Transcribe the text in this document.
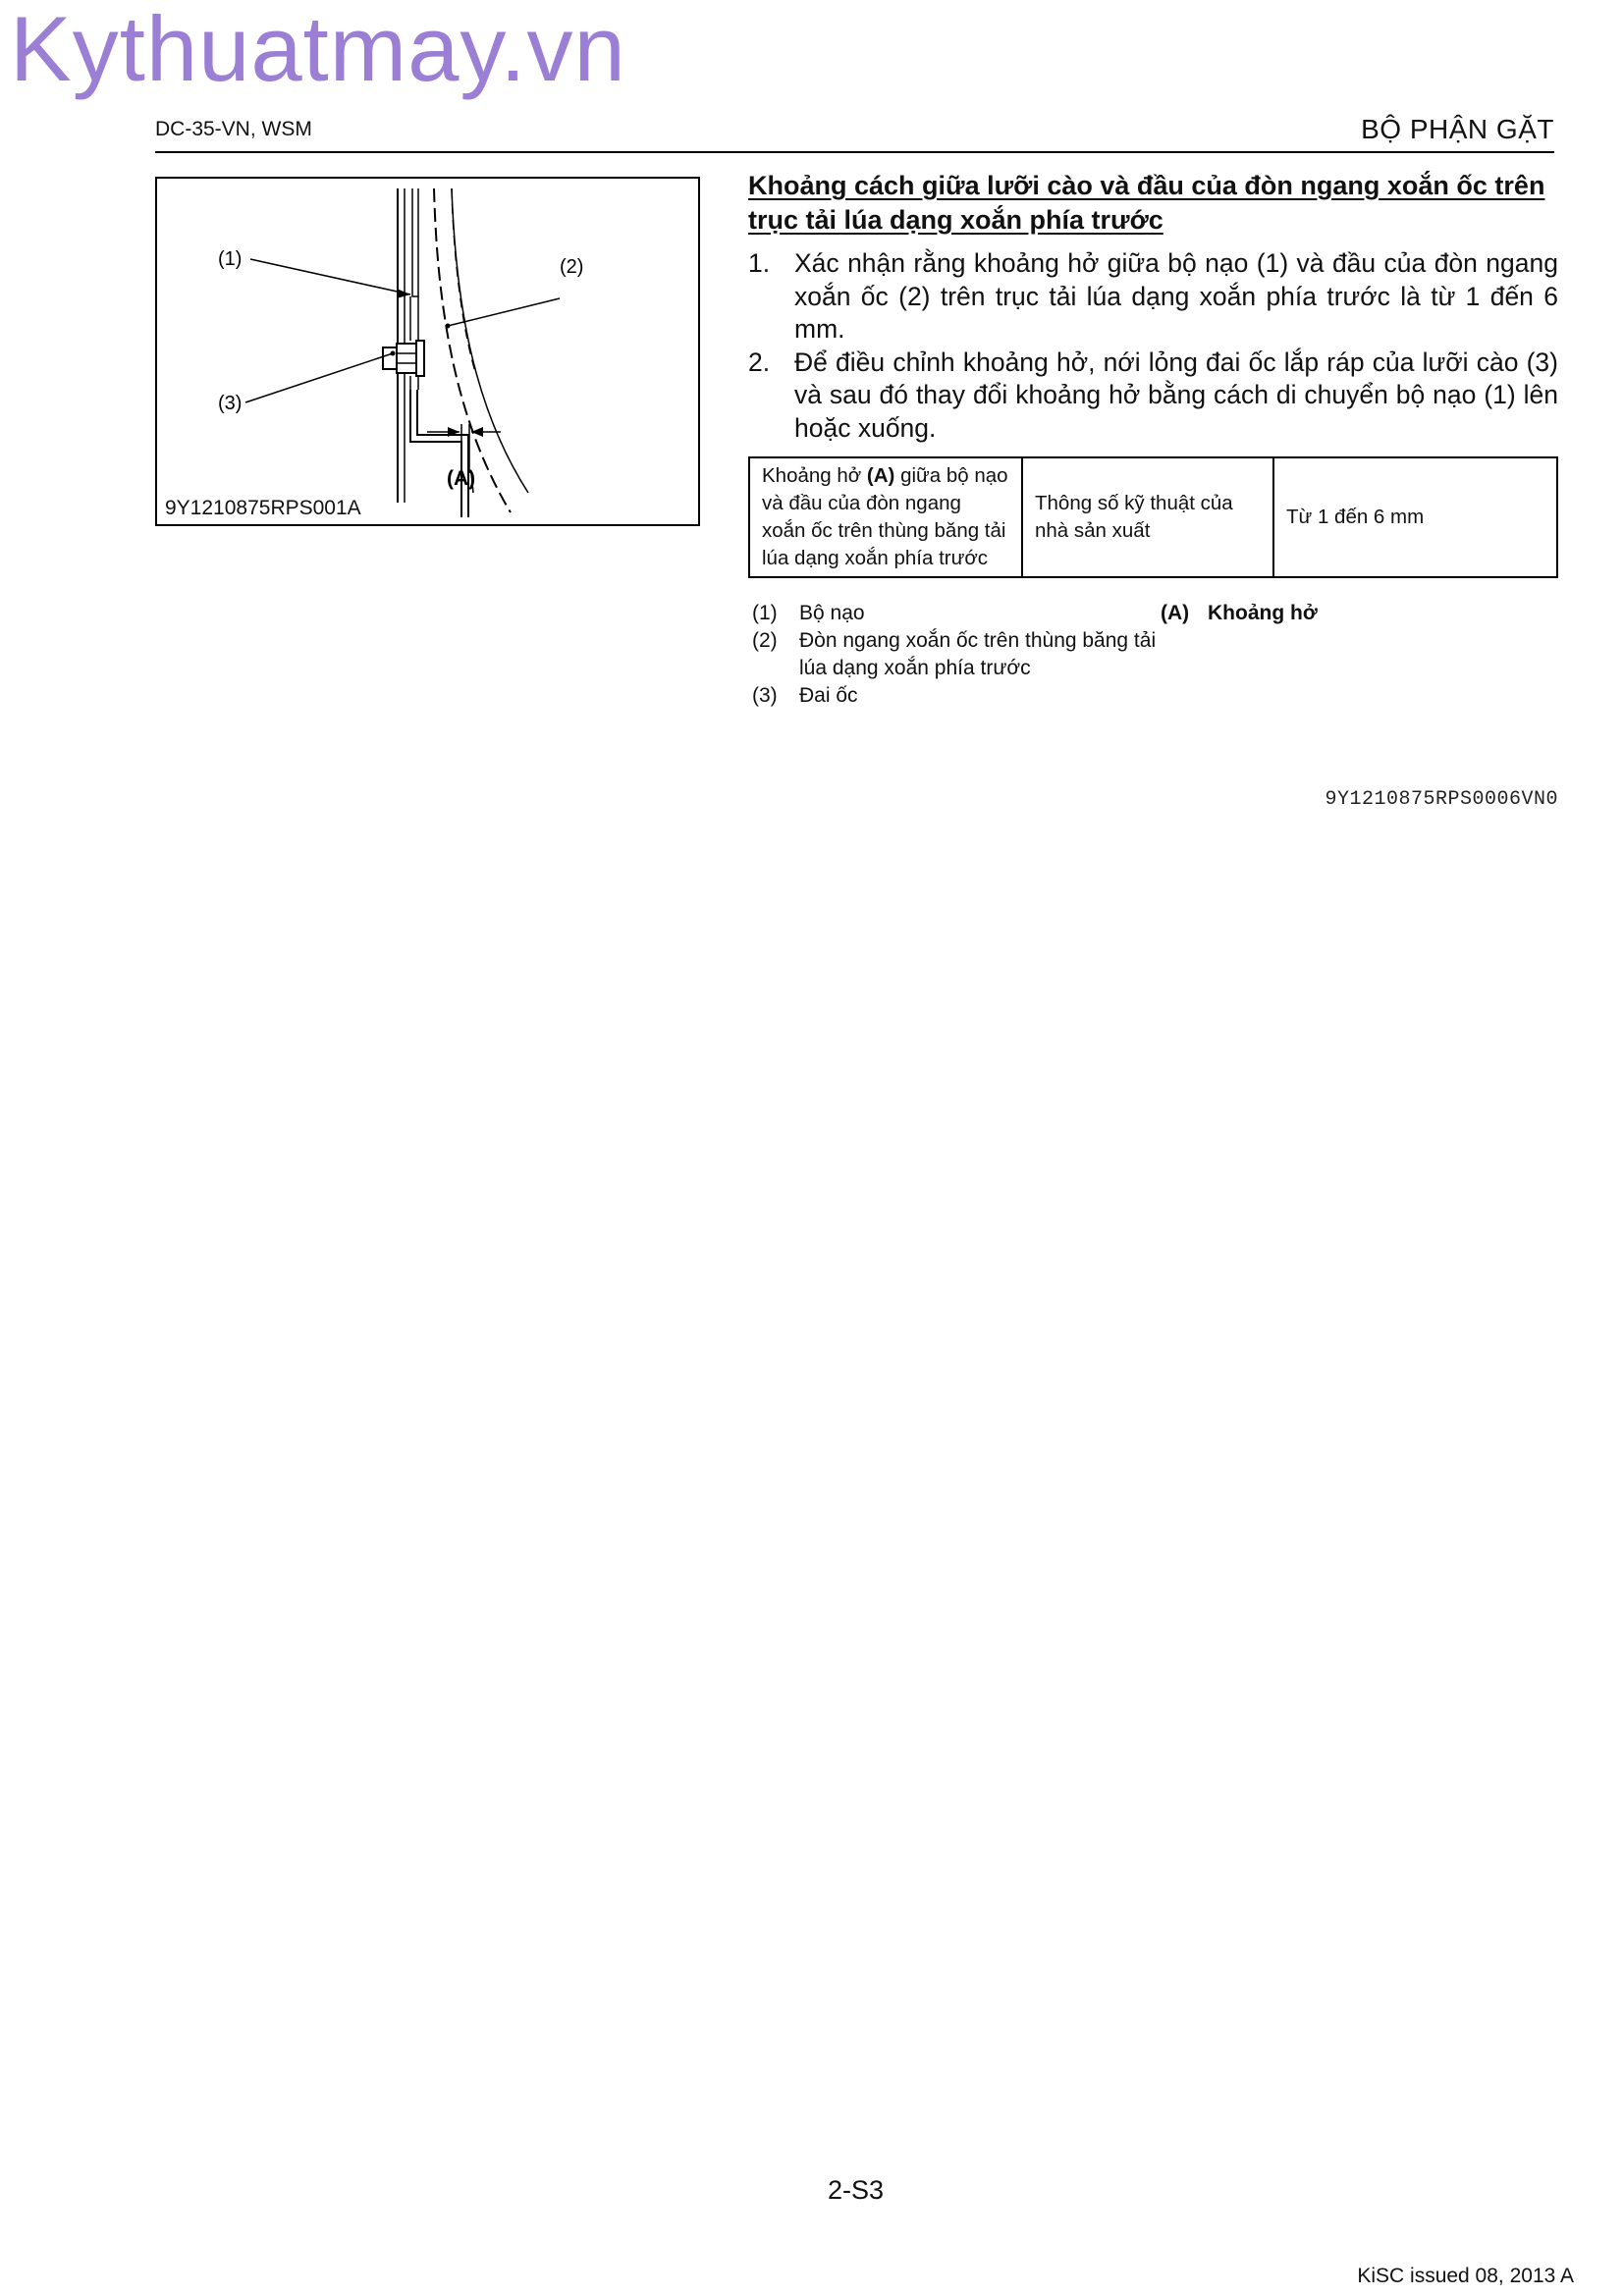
Kythuatmay.vn
DC-35-VN, WSM	BỘ PHẬN GẶT
(1)	(2)
(3)
(A)
9Y1210875RPS001A
Khoảng cách giữa lưỡi cào và đầu của đòn ngang xoắn ốc trên
trục tải lúa dạng xoắn phía trước
1. Xác nhận rằng khoảng hở giữa bộ nạo (1) và đầu của đòn ngang xoắn ốc (2) trên trục tải lúa dạng xoắn phía trước là từ 1 đến 6 mm.
2. Để điều chỉnh khoảng hở, nới lỏng đai ốc lắp ráp của lưỡi cào (3) và sau đó thay đổi khoảng hở bằng cách di chuyển bộ nạo (1) lên hoặc xuống.
Khoảng hở (A) giữa bộ nạo và đầu của đòn ngang xoắn ốc trên thùng băng tải lúa dạng xoắn phía trước	Thông số kỹ thuật của nhà sản xuất	Từ 1 đến 6 mm
(1)	Bộ nạo
(2)	Đòn ngang xoắn ốc trên thùng băng tải lúa dạng xoắn phía trước
(3)	Đai ốc
(A) Khoảng hở
9Y1210875RPS0006VN0
2-S3
KiSC issued 08, 2013 A
